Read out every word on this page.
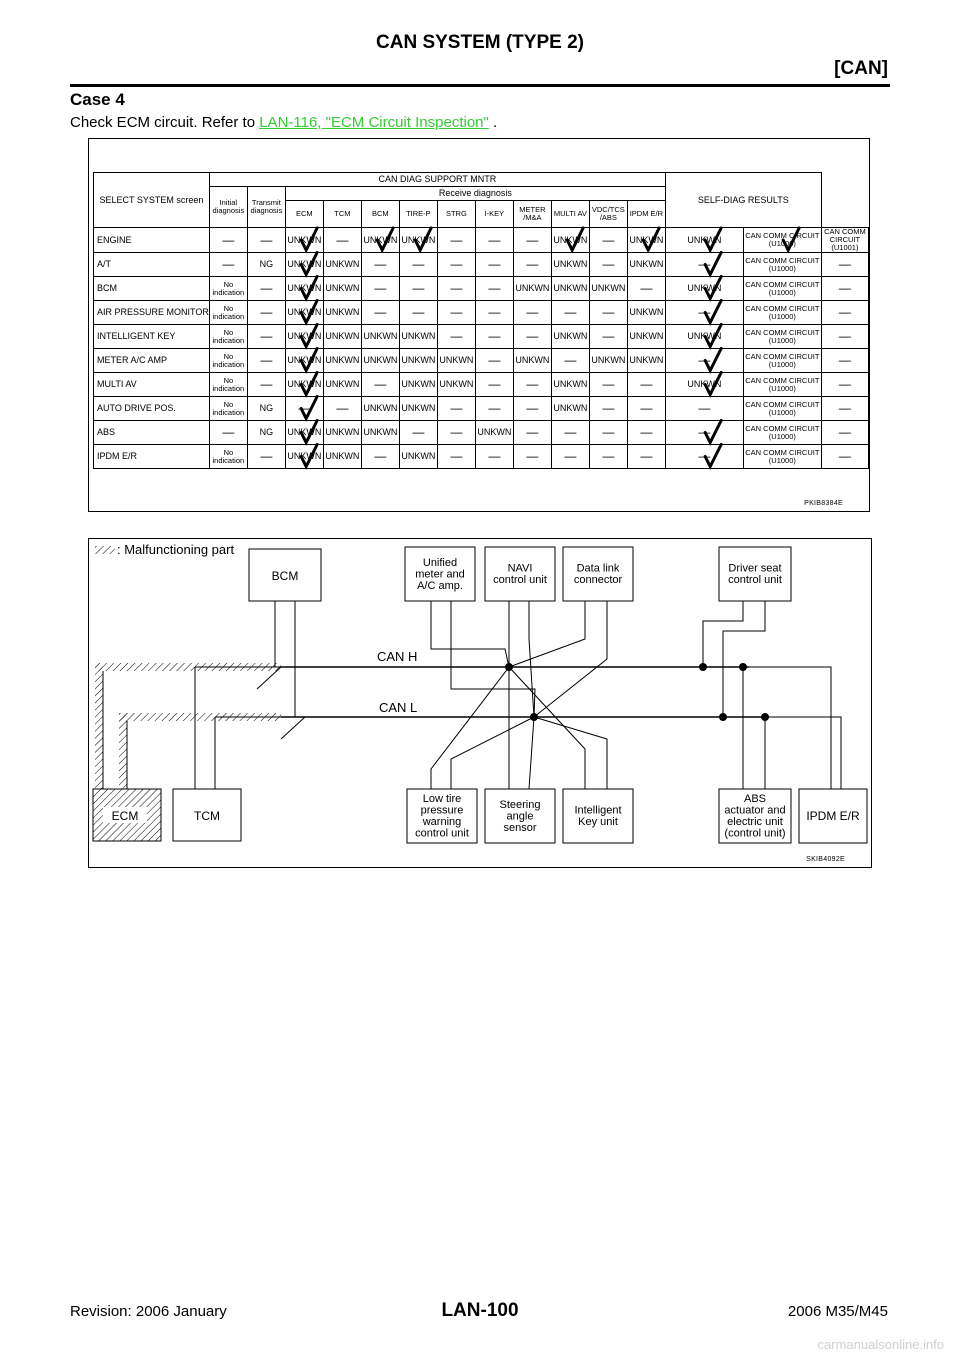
CAN SYSTEM (TYPE 2)
[CAN]
Case 4
Check ECM circuit. Refer to LAN-116, "ECM Circuit Inspection" .
SELECT SYSTEM screen	CAN DIAG SUPPORT MNTR												SELF-DIAG RESULTS		
	Initial diagnosis	Transmit diagnosis	Receive diagnosis												
			ECM	TCM	BCM	TIRE-P	STRG	I-KEY	METER /M&A	MULTI AV	VDC/TCS /ABS	IPDM E/R			
ENGINE	—	—	UNKWN	—	UNKWN	UNKWN	—	—	—	UNKWN	—	UNKWN	UNKWN	CAN COMM CIRCUIT (U1000)	CAN COMM CIRCUIT (U1001)
A/T	—	NG	UNKWN	UNKWN	—	—	—	—	—	UNKWN	—	UNKWN	—	CAN COMM CIRCUIT (U1000)	—
BCM	No indication	—	UNKWN	UNKWN	—	—	—	—	UNKWN	UNKWN	UNKWN	—	UNKWN	CAN COMM CIRCUIT (U1000)	—
AIR PRESSURE MONITOR	No indication	—	UNKWN	UNKWN	—	—	—	—	—	—	—	UNKWN	—	CAN COMM CIRCUIT (U1000)	—
INTELLIGENT KEY	No indication	—	UNKWN	UNKWN	UNKWN	UNKWN	—	—	—	UNKWN	—	UNKWN	UNKWN	CAN COMM CIRCUIT (U1000)	—
METER A/C AMP	No indication	—	UNKWN	UNKWN	UNKWN	UNKWN	UNKWN	—	UNKWN	—	UNKWN	UNKWN	—	CAN COMM CIRCUIT (U1000)	—
MULTI AV	No indication	—	UNKWN	UNKWN	—	UNKWN	UNKWN	—	—	UNKWN	—	—	UNKWN	CAN COMM CIRCUIT (U1000)	—
AUTO DRIVE POS.	No indication	NG	—	—	UNKWN	UNKWN	—	—	—	UNKWN	—	—	—	CAN COMM CIRCUIT (U1000)	—
ABS	—	NG	UNKWN	UNKWN	UNKWN	—	—	UNKWN	—	—	—	—	—	CAN COMM CIRCUIT (U1000)	—
IPDM E/R	No indication	—	UNKWN	UNKWN	—	UNKWN	—	—	—	—	—	—	—	CAN COMM CIRCUIT (U1000)	—
PKIB8384E
: Malfunctioning part
ECM
CAN H
CAN L
BCM
Unified
meter and
A/C amp.
NAVI
control unit
Data link
connector
Driver seat
control unit
TCM
Low tire
pressure
warning
control unit
Steering
angle
sensor
Intelligent
Key unit
ABS
actuator and
electric unit
(control unit)
IPDM E/R
SKIB4092E
Revision: 2006 January	LAN-100	2006 M35/M45
carmanualsonline.info
